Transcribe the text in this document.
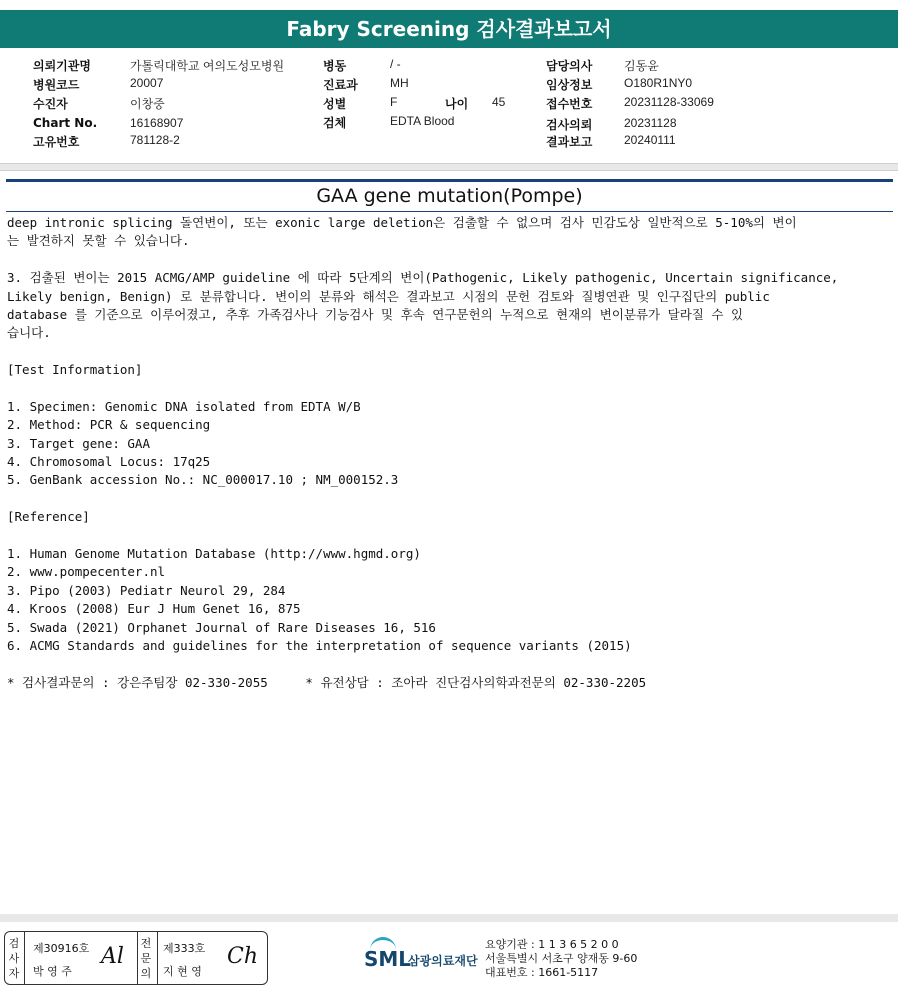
Fabry Screening 검사결과보고서
의뢰기관명	가톨릭대학교 여의도성모병원
병원코드	20007
수진자	이창중
Chart No.	16168907
고유번호	781128-2
병동	/ -
진료과	MH
성별	F	나이 45
검체	EDTA Blood
담당의사	김동윤
임상정보	O180R1NY0
접수번호	20231128-33069
검사의뢰	20231128
결과보고	20240111
GAA gene mutation(Pompe)
deep intronic splicing 돌연변이, 또는 exonic large deletion은 검출할 수 없으며 검사 민감도상 일반적으로 5-10%의 변이
는 발견하지 못할 수 있습니다.
3. 검출된 변이는 2015 ACMG/AMP guideline 에 따라 5단계의 변이(Pathogenic, Likely pathogenic, Uncertain significance,
Likely benign, Benign) 로 분류합니다. 변이의 분류와 해석은 결과보고 시점의 문헌 검토와 질병연관 및 인구집단의 public
database 를 기준으로 이루어졌고, 추후 가족검사나 기능검사 및 후속 연구문헌의 누적으로 현재의 변이분류가 달라질 수 있
습니다.
[Test Information]
1. Specimen: Genomic DNA isolated from EDTA W/B
2. Method: PCR & sequencing
3. Target gene: GAA
4. Chromosomal Locus: 17q25
5. GenBank accession No.: NC_000017.10 ; NM_000152.3
[Reference]
1. Human Genome Mutation Database (http://www.hgmd.org)
2. www.pompecenter.nl
3. Pipo (2003) Pediatr Neurol 29, 284
4. Kroos (2008) Eur J Hum Genet 16, 875
5. Swada (2021) Orphanet Journal of Rare Diseases 16, 516
6. ACMG Standards and guidelines for the interpretation of sequence variants (2015)
* 검사결과문의 : 강은주팀장 02-330-2055     * 유전상담 : 조아라 진단검사의학과전문의 02-330-2205
검
사
자
제30916호
박 영 주
Al
전
문
의
제333호
지 현 영
Ch	SML
삼광의료재단
요양기관 : 1 1 3 6 5 2 0 0
서울특별시 서초구 양재동 9-60
대표번호 : 1661-5117
